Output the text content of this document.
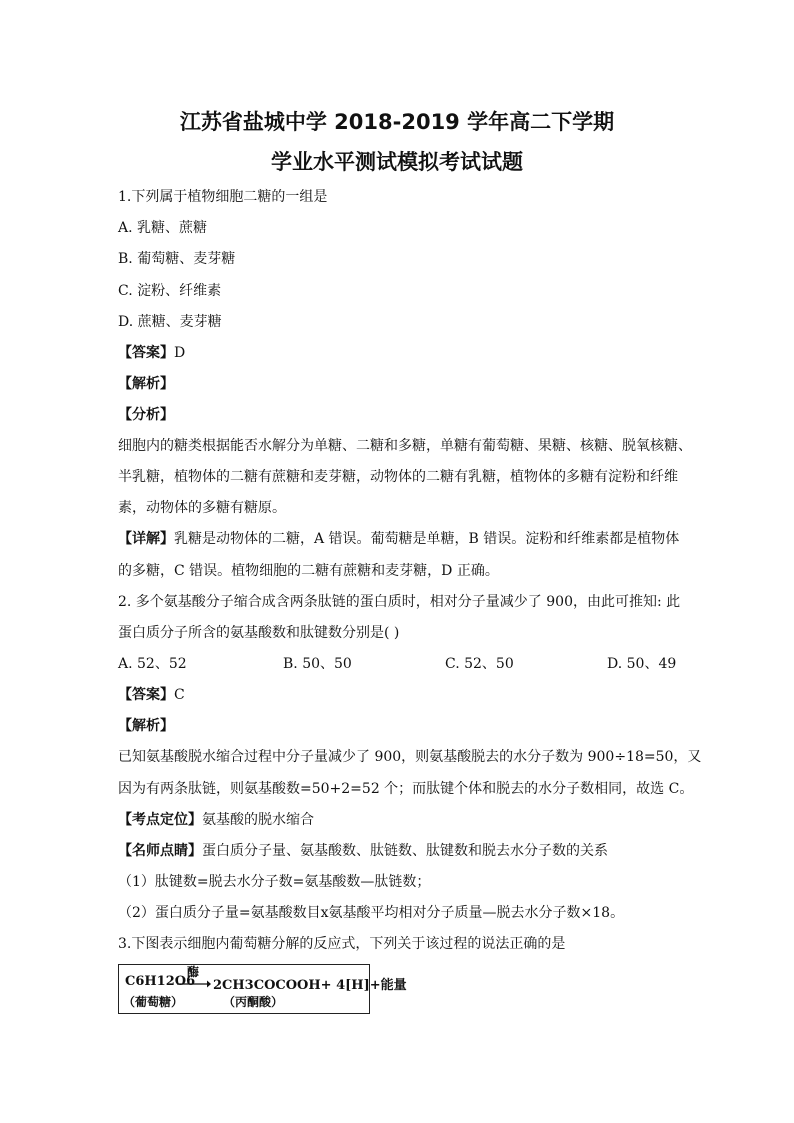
江苏省盐城中学 2018-2019 学年高二下学期
学业水平测试模拟考试试题
1.下列属于植物细胞二糖的一组是
A. 乳糖、蔗糖
B. 葡萄糖、麦芽糖
C. 淀粉、纤维素
D. 蔗糖、麦芽糖
【答案】D
【解析】
【分析】
细胞内的糖类根据能否水解分为单糖、二糖和多糖，单糖有葡萄糖、果糖、核糖、脱氧核糖、
半乳糖，植物体的二糖有蔗糖和麦芽糖，动物体的二糖有乳糖，植物体的多糖有淀粉和纤维
素，动物体的多糖有糖原。
【详解】乳糖是动物体的二糖，A 错误。葡萄糖是单糖，B 错误。淀粉和纤维素都是植物体
的多糖，C 错误。植物细胞的二糖有蔗糖和麦芽糖，D 正确。
2. 多个氨基酸分子缩合成含两条肽链的蛋白质时，相对分子量减少了 900，由此可推知: 此
蛋白质分子所含的氨基酸数和肽键数分别是( )
A. 52、52	B. 50、50	C. 52、50	D. 50、49
【答案】C
【解析】
已知氨基酸脱水缩合过程中分子量减少了 900，则氨基酸脱去的水分子数为 900÷18=50，又
因为有两条肽链，则氨基酸数=50+2=52 个；而肽键个体和脱去的水分子数相同，故选 C。
【考点定位】氨基酸的脱水缩合
【名师点睛】蛋白质分子量、氨基酸数、肽链数、肽键数和脱去水分子数的关系
（1）肽键数=脱去水分子数=氨基酸数—肽链数；
（2）蛋白质分子量=氨基酸数目ⅹ氨基酸平均相对分子质量—脱去水分子数×18。
3.下图表示细胞内葡萄糖分解的反应式，下列关于该过程的说法正确的是
C6H12O6
酶
→ 2CH3COCOOH+ 4[H]+能量
（葡萄糖）	（丙酮酸）
